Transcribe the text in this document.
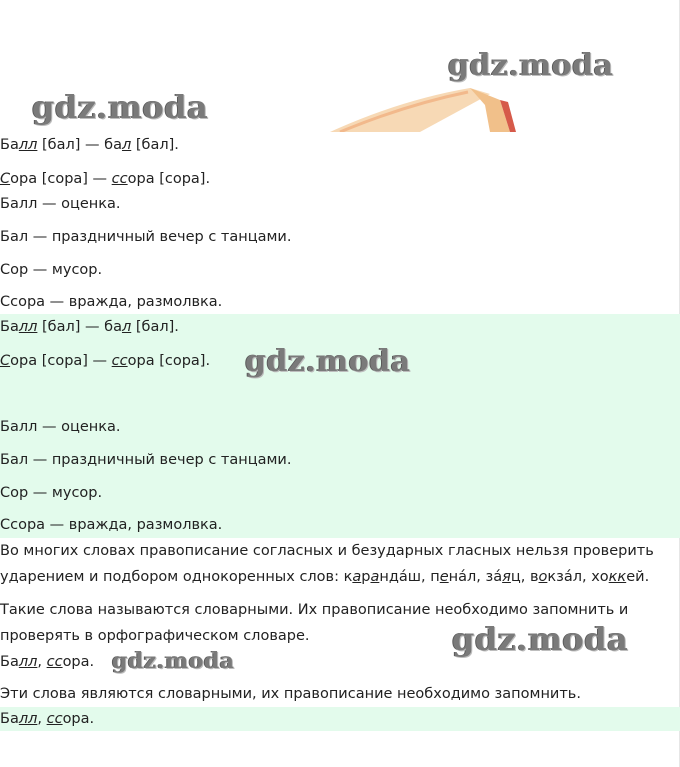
gdz.moda
gdz.moda
Балл [бал] — бал [бал].
Сора [сора] — ссора [сора].
Балл — оценка.
Бал — праздничный вечер с танцами.
Сор — мусор.
Ссора — вражда, размолвка.
Балл [бал] — бал [бал].
Сора [сора] — ссора [сора]. gdz.moda
Балл — оценка.
Бал — праздничный вечер с танцами.
Сор — мусор.
Ссора — вражда, размолвка.
Во многих словах правописание согласных и безударных гласных нельзя проверить
ударением и подбором однокоренных слов: каранда́ш, пена́л, за́яц, вокза́л, хоккей.
Такие слова называются словарными. Их правописание необходимо запомнить и
проверять в орфографическом словаре.	gdz.moda
Балл, ссора. gdz.moda
Эти слова являются словарными, их правописание необходимо запомнить.
Балл, ссора.
